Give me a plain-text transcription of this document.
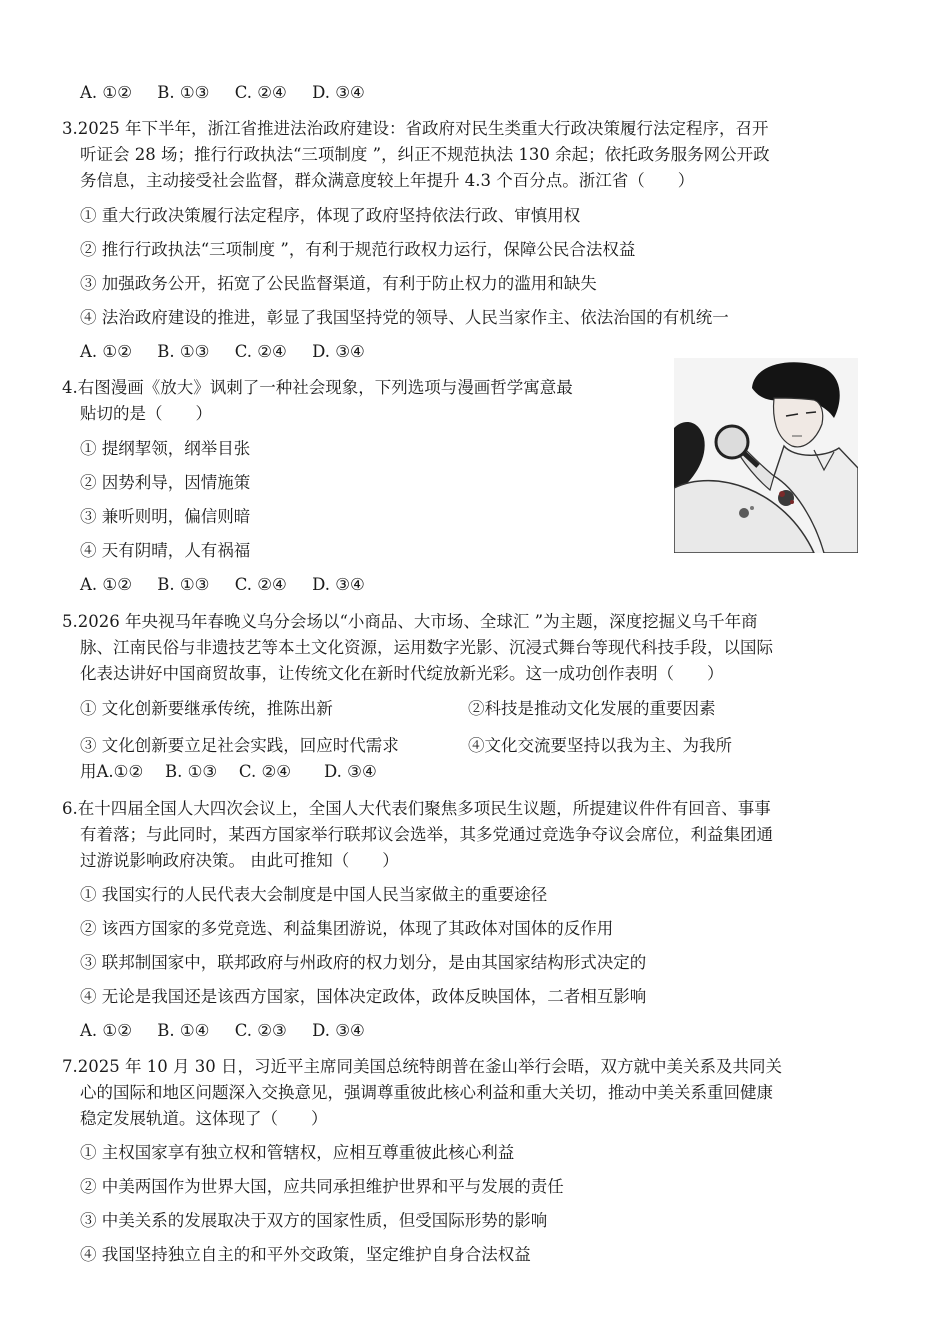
A. ①② B. ①③ C. ②④ D. ③④
3.2025 年下半年，浙江省推进法治政府建设：省政府对民生类重大行政决策履行法定程序，召开
听证会 28 场；推行行政执法“三项制度 ”，纠正不规范执法 130 余起；依托政务服务网公开政
务信息，主动接受社会监督，群众满意度较上年提升 4.3 个百分点。浙江省（　　）
① 重大行政决策履行法定程序，体现了政府坚持依法行政、审慎用权
② 推行行政执法“三项制度 ”，有利于规范行政权力运行，保障公民合法权益
③ 加强政务公开，拓宽了公民监督渠道，有利于防止权力的滥用和缺失
④ 法治政府建设的推进，彰显了我国坚持党的领导、人民当家作主、依法治国的有机统一
A. ①② B. ①③ C. ②④ D. ③④
4.右图漫画《放大》讽刺了一种社会现象，下列选项与漫画哲学寓意最
贴切的是（　　）
① 提纲挈领，纲举目张
② 因势利导，因情施策
③ 兼听则明，偏信则暗
④ 天有阴晴，人有祸福
A. ①② B. ①③ C. ②④ D. ③④
5.2026 年央视马年春晚义乌分会场以“小商品、大市场、全球汇 ”为主题，深度挖掘义乌千年商
脉、江南民俗与非遗技艺等本土文化资源，运用数字光影、沉浸式舞台等现代科技手段，以国际
化表达讲好中国商贸故事，让传统文化在新时代绽放新光彩。这一成功创作表明（　　）
① 文化创新要继承传统，推陈出新	②科技是推动文化发展的重要因素
③ 文化创新要立足社会实践，回应时代需求	④文化交流要坚持以我为主、为我所
用A.①②　 B. ①③　 C. ②④　　D. ③④
6.在十四届全国人大四次会议上，全国人大代表们聚焦多项民生议题，所提建议件件有回音、事事
有着落；与此同时，某西方国家举行联邦议会选举，其多党通过竞选争夺议会席位，利益集团通
过游说影响政府决策。 由此可推知（　　）
① 我国实行的人民代表大会制度是中国人民当家做主的重要途径
② 该西方国家的多党竞选、利益集团游说，体现了其政体对国体的反作用
③ 联邦制国家中，联邦政府与州政府的权力划分，是由其国家结构形式决定的
④ 无论是我国还是该西方国家，国体决定政体，政体反映国体，二者相互影响
A. ①② B. ①④ C. ②③ D. ③④
7.2025 年 10 月 30 日，习近平主席同美国总统特朗普在釜山举行会晤，双方就中美关系及共同关
心的国际和地区问题深入交换意见，强调尊重彼此核心利益和重大关切，推动中美关系重回健康
稳定发展轨道。这体现了（　　）
① 主权国家享有独立权和管辖权，应相互尊重彼此核心利益
② 中美两国作为世界大国，应共同承担维护世界和平与发展的责任
③ 中美关系的发展取决于双方的国家性质，但受国际形势的影响
④ 我国坚持独立自主的和平外交政策，坚定维护自身合法权益
